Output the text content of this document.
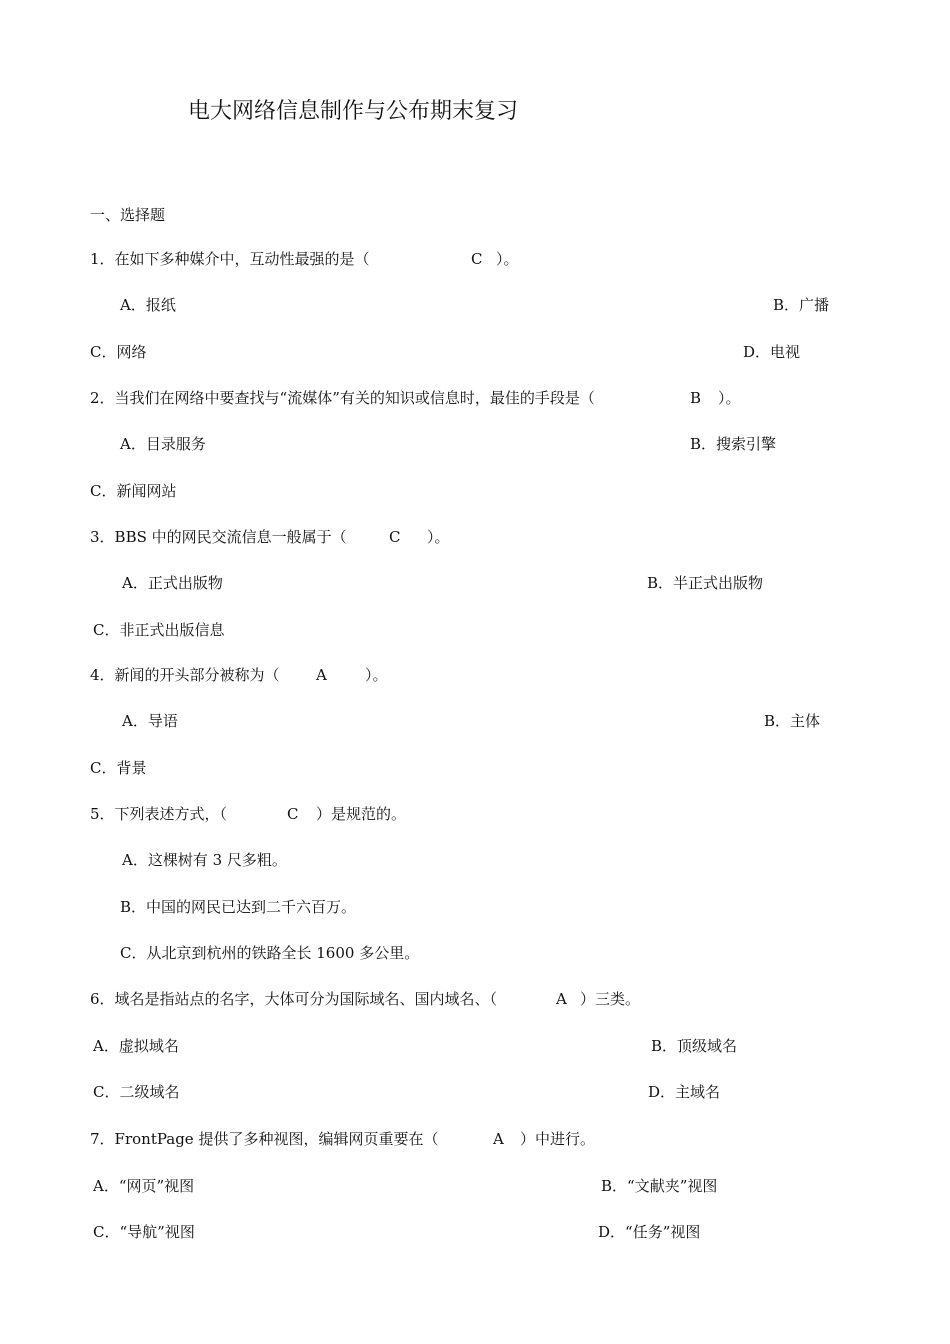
电大网络信息制作与公布期末复习
一、选择题
1．在如下多种媒介中，互动性最强的是（	C ）。
A．报纸	B．广播
C．网络	D．电视
2．当我们在网络中要查找与“流媒体”有关的知识或信息时，最佳的手段是（	B ）。
A．目录服务	B．搜索引擎
C．新闻网站
3．BBS 中的网民交流信息一般属于（	C ）。
A．正式出版物	B．半正式出版物
C．非正式出版信息
4．新闻的开头部分被称为（ A	）。
A．导语	B．主体
C．背景
5．下列表述方式，（	C ）是规范的。
A．这棵树有 3 尺多粗。
B．中国的网民已达到二千六百万。
C．从北京到杭州的铁路全长 1600 多公里。
6．域名是指站点的名字，大体可分为国际域名、国内域名、（	A ）三类。
A．虚拟域名	B．顶级域名
C．二级域名	D．主域名
7．FrontPage 提供了多种视图，编辑网页重要在（	A ）中进行。
A．“网页”视图	B．“文献夹”视图
C．“导航”视图	D．“任务”视图
